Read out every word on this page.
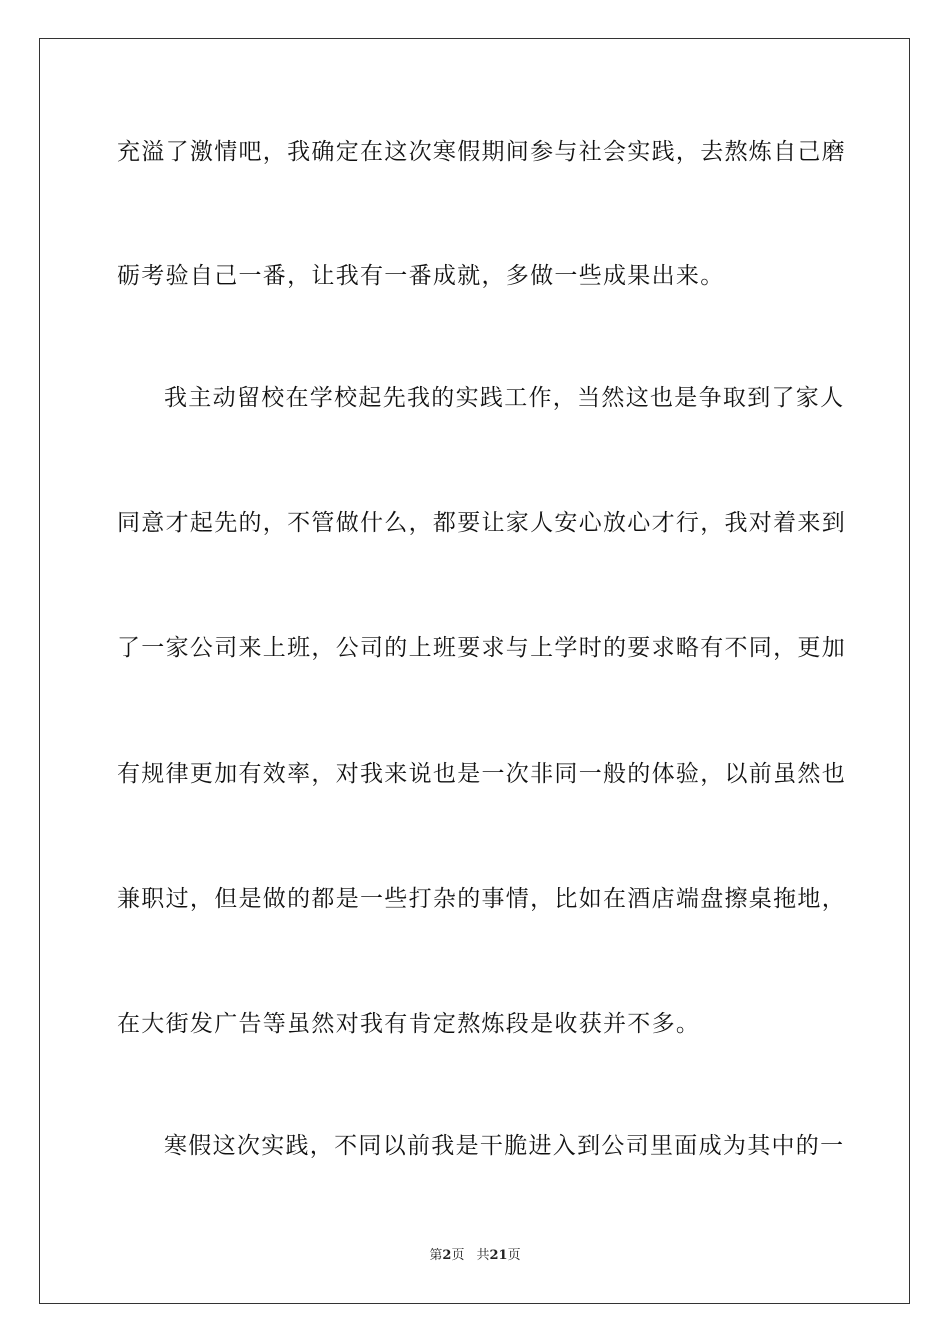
充溢了激情吧，我确定在这次寒假期间参与社会实践，去熬炼自己磨
砺考验自己一番，让我有一番成就，多做一些成果出来。
我主动留校在学校起先我的实践工作，当然这也是争取到了家人
同意才起先的，不管做什么，都要让家人安心放心才行，我对着来到
了一家公司来上班，公司的上班要求与上学时的要求略有不同，更加
有规律更加有效率，对我来说也是一次非同一般的体验，以前虽然也
兼职过，但是做的都是一些打杂的事情，比如在酒店端盘擦桌拖地，
在大街发广告等虽然对我有肯定熬炼段是收获并不多。
寒假这次实践，不同以前我是干脆进入到公司里面成为其中的一
第2页 共21页
